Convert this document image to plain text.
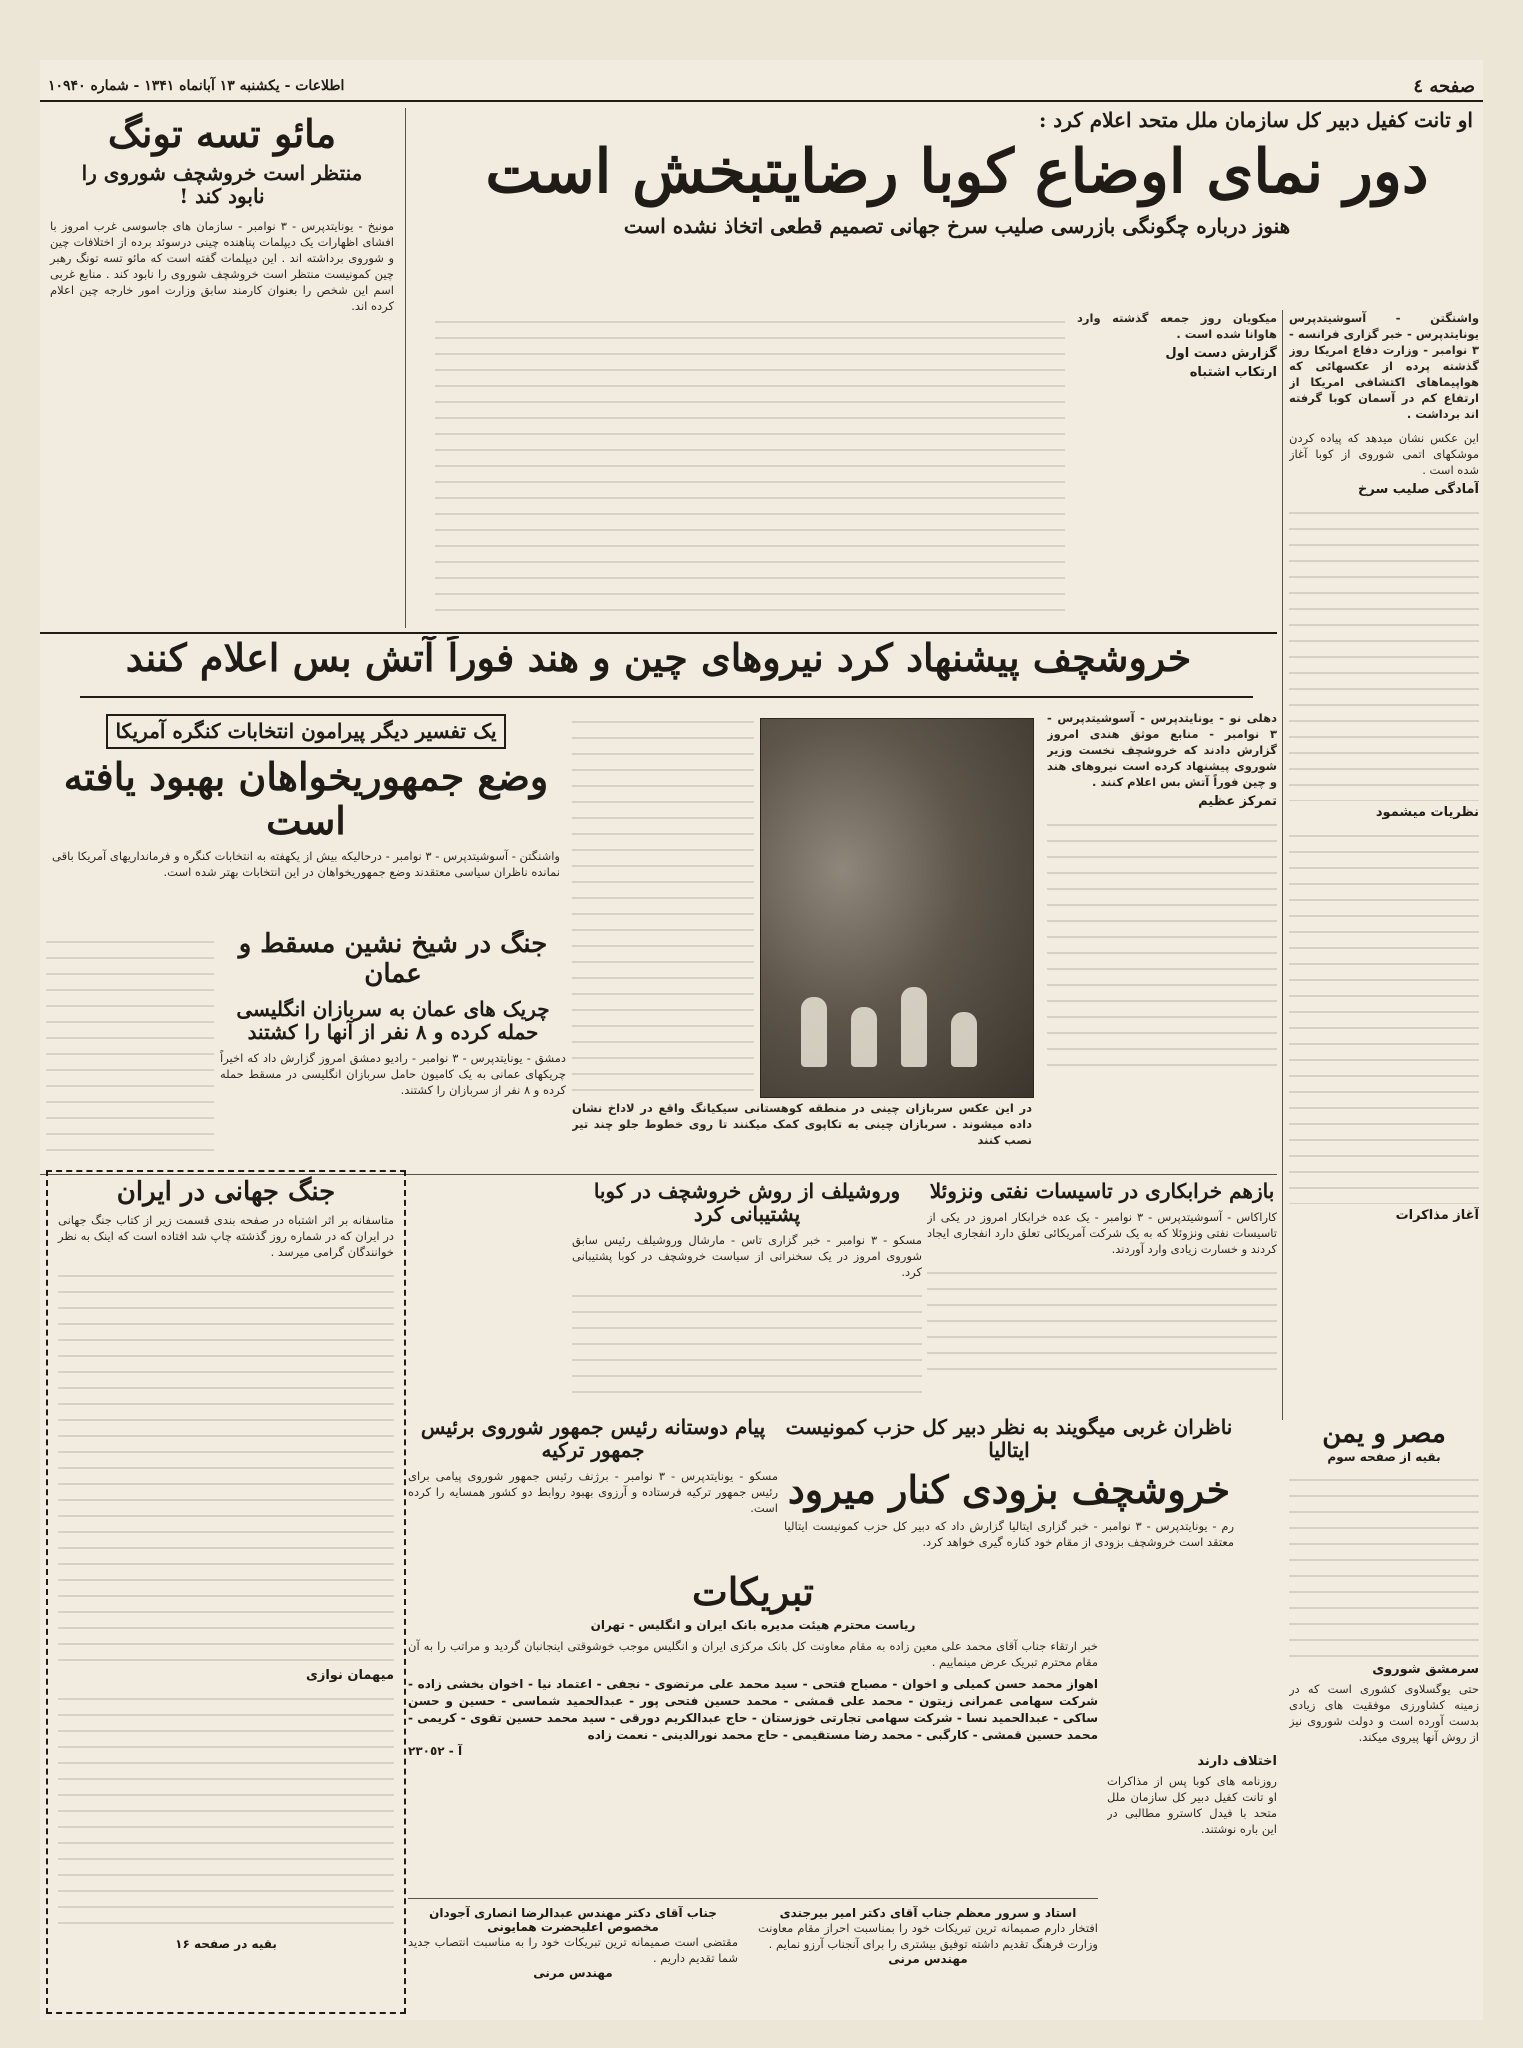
صفحه ٤
اطلاعات - یکشنبه ۱۳ آبانماه ۱۳۴۱ - شماره ۱۰۹۴۰
او تانت کفیل دبیر کل سازمان ملل متحد اعلام کرد :
دور نمای اوضاع کوبا رضایتبخش است
هنوز درباره چگونگی بازرسی صلیب سرخ جهانی تصمیم قطعی اتخاذ نشده است
مائو تسه تونگ
منتظر است خروشچف شوروی را نابود کند !
مونیخ - یونایتدپرس - ۳ نوامبر - سازمان های جاسوسی غرب امروز با افشای اظهارات یک دیپلمات پناهنده چینی درسوئد برده از اختلافات چین و شوروی برداشته اند . این دیپلمات گفته است که مائو تسه تونگ رهبر چین کمونیست منتظر است خروشچف شوروی را نابود کند . منابع غربی اسم این شخص را بعنوان کارمند سابق وزارت امور خارجه چین اعلام کرده اند.
واشنگتن - آسوشیتدپرس یونایتدپرس - خبر گزاری فرانسه - ۳ نوامبر - وزارت دفاع امریکا روز گذشته پرده از عکسهائی که هواپیماهای اکتشافی امریکا از ارتفاع کم در آسمان کوبا گرفته اند برداشت .
این عکس نشان میدهد که پیاده کردن موشکهای اتمی شوروی از کوبا آغاز شده است .
آمادگی صلیب سرخ
نظریات میشمود
آغاز مذاکرات
میکویان روز جمعه گذشته وارد هاوانا شده است .
گزارش دست اول
ارتکاب اشتباه
خروشچف پیشنهاد کرد نیروهای چین و هند فوراً آتش بس اعلام کنند
یک تفسیر دیگر پیرامون انتخابات کنگره آمریکا
وضع جمهوریخواهان بهبود یافته است
واشنگتن - آسوشیتدپرس - ۳ نوامبر - درحالیکه بیش از یکهفته به انتخابات کنگره و فرمانداریهای آمریکا باقی نمانده ناظران سیاسی معتقدند وضع جمهوریخواهان در این انتخابات بهتر شده است.
جنگ در شیخ نشین مسقط و عمان
چریک های عمان به سربازان انگلیسی حمله کرده و ۸ نفر از آنها را کشتند
دمشق - یونایتدپرس - ۳ نوامبر - رادیو دمشق امروز گزارش داد که اخیراً چریکهای عمانی به یک کامیون حامل سربازان انگلیسی در مسقط حمله کرده و ۸ نفر از سربازان را کشتند.
دهلی نو - یونایتدپرس - آسوشیتدپرس - ۳ نوامبر - منابع موثق هندی امروز گزارش دادند که خروشچف نخست وزیر شوروی پیشنهاد کرده است نیروهای هند و چین فوراً آتش بس اعلام کنند .
تمرکز عظیم
در این عکس سربازان چینی در منطقه کوهستانی سیکیانگ واقع در لاداخ نشان داده میشوند . سربازان چینی به تکاپوی کمک میکنند تا روی خطوط جلو چند تیر نصب کنند
بازهم خرابکاری در تاسیسات نفتی ونزوئلا
کاراکاس - آسوشیتدپرس - ۳ نوامبر - یک عده خرابکار امروز در یکی از تاسیسات نفتی ونزوئلا که به یک شرکت آمریکائی تعلق دارد انفجاری ایجاد کردند و خسارت زیادی وارد آوردند.
وروشیلف از روش خروشچف در کوبا پشتیبانی کرد
مسکو - ۳ نوامبر - خبر گزاری تاس - مارشال وروشیلف رئیس سابق شوروی امروز در یک سخنرانی از سیاست خروشچف در کوبا پشتیبانی کرد.
جنگ جهانی در ایران
متاسفانه بر اثر اشتباه در صفحه بندی قسمت زیر از کتاب جنگ جهانی در ایران که در شماره روز گذشته چاپ شد افتاده است که اینک به نظر خوانندگان گرامی میرسد .
میهمان نوازی
بقیه در صفحه ۱۶
پیام دوستانه رئیس جمهور شوروی برئیس جمهور ترکیه
مسکو - یونایتدپرس - ۳ نوامبر - برژنف رئیس جمهور شوروی پیامی برای رئیس جمهور ترکیه فرستاده و آرزوی بهبود روابط دو کشور همسایه را کرده است.
ناظران غربی میگویند به نظر دبیر کل حزب کمونیست ایتالیا
خروشچف بزودی کنار میرود
رم - یونایتدپرس - ۳ نوامبر - خبر گزاری ایتالیا گزارش داد که دبیر کل حزب کمونیست ایتالیا معتقد است خروشچف بزودی از مقام خود کناره گیری خواهد کرد.
مصر و یمن
بقیه از صفحه سوم
سرمشق شوروی
حتی یوگسلاوی کشوری است که در زمینه کشاورزی موفقیت های زیادی بدست آورده است و دولت شوروی نیز از روش آنها پیروی میکند.
اختلاف دارند
روزنامه های کوبا پس از مذاکرات او تانت کفیل دبیر کل سازمان ملل متحد با فیدل کاسترو مطالبی در این باره نوشتند.
تبریکات
ریاست محترم هیئت مدیره بانک ایران و انگلیس - تهران
خبر ارتقاء جناب آقای محمد علی معین زاده به مقام معاونت کل بانک مرکزی ایران و انگلیس موجب خوشوقتی اینجانبان گردید و مراتب را به آن مقام محترم تبریک عرض مینماییم .
اهواز محمد حسن کمیلی و اخوان - مصباح فتحی - سید محمد علی مرتضوی - نجفی - اعتماد نیا - اخوان بخشی زاده - شرکت سهامی عمرانی زیتون - محمد علی قمشی - محمد حسین فتحی پور - عبدالحمید شماسی - حسین و حسن ساکی - عبدالحمید نسا - شرکت سهامی تجارتی خوزستان - حاج عبدالکریم دورقی - سید محمد حسین تقوی - کریمی - محمد حسین قمشی - کارگبی - محمد رضا مستقیمی - حاج محمد نورالدینی - نعمت زاده
آ - ٢٣٠٥٢
جناب آقای دکتر مهندس عبدالرضا انصاری آجودان مخصوص اعلیحضرت همایونی
مقتضی است صمیمانه ترین تبریکات خود را به مناسبت انتصاب جدید شما تقدیم داریم .
مهندس مرنی
استاد و سرور معظم جناب آقای دکتر امیر بیرجندی
افتخار دارم صمیمانه ترین تبریکات خود را بمناسبت احراز مقام معاونت وزارت فرهنگ تقدیم داشته توفیق بیشتری را برای آنجناب آرزو نمایم .
مهندس مرنی
